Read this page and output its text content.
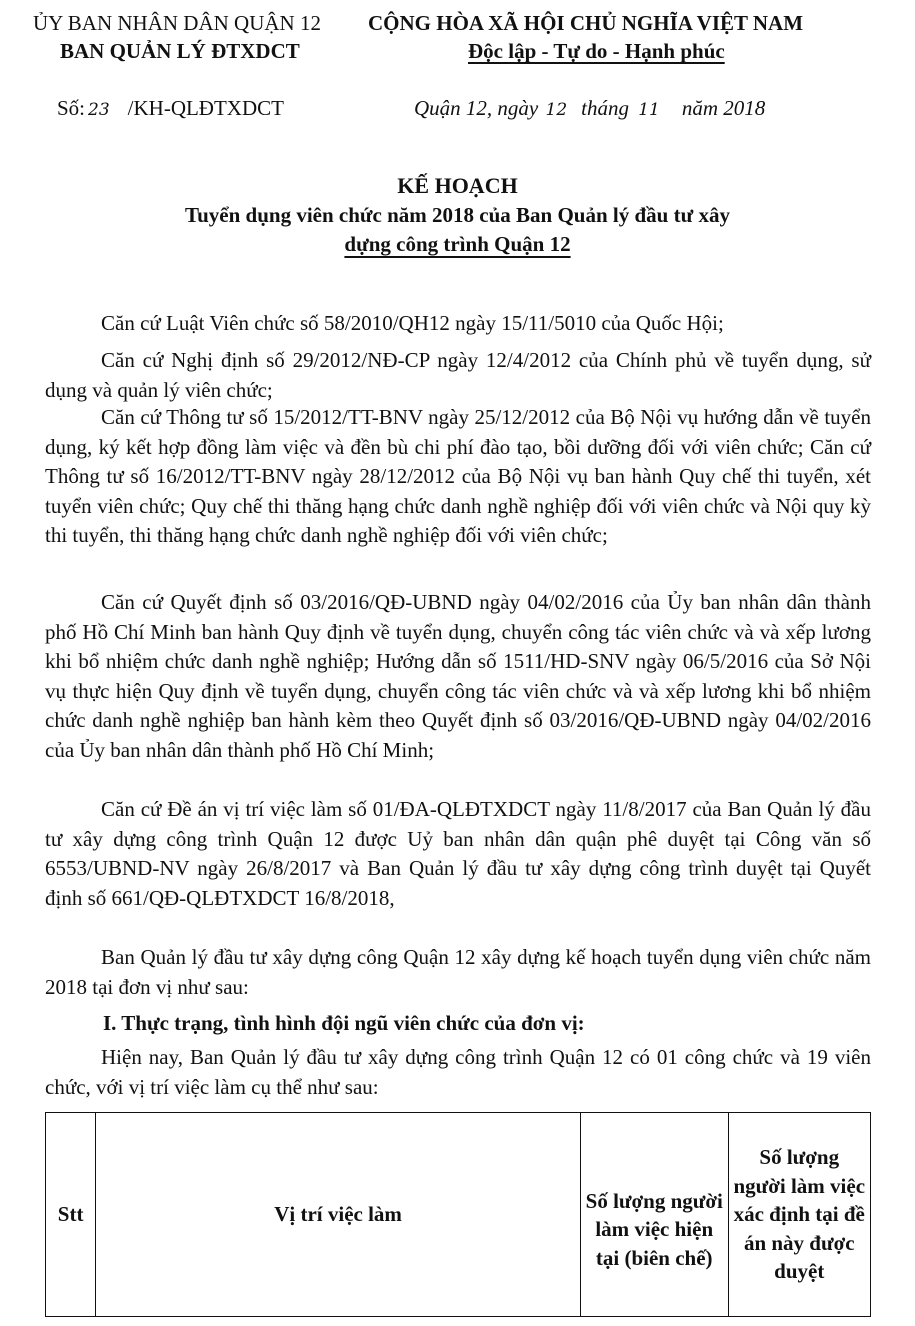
ỦY BAN NHÂN DÂN QUẬN 12
BAN QUẢN LÝ ĐTXDCT
CỘNG HÒA XÃ HỘI CHỦ NGHĨA VIỆT NAM
Độc lập - Tự do - Hạnh phúc
Số: 23 /KH-QLĐTXDCT	Quận 12, ngày 12 tháng 11 năm 2018
KẾ HOẠCH
Tuyển dụng viên chức năm 2018 của Ban Quản lý đầu tư xây
dựng công trình Quận 12

Căn cứ Luật Viên chức số 58/2010/QH12 ngày 15/11/5010 của Quốc Hội;

Căn cứ Nghị định số 29/2012/NĐ-CP ngày 12/4/2012 của Chính phủ về tuyển dụng, sử dụng và quản lý viên chức;

Căn cứ Thông tư số 15/2012/TT-BNV ngày 25/12/2012 của Bộ Nội vụ hướng dẫn về tuyển dụng, ký kết hợp đồng làm việc và đền bù chi phí đào tạo, bồi dưỡng đối với viên chức; Căn cứ Thông tư số 16/2012/TT-BNV ngày 28/12/2012 của Bộ Nội vụ ban hành Quy chế thi tuyển, xét tuyển viên chức; Quy chế thi thăng hạng chức danh nghề nghiệp đối với viên chức và Nội quy kỳ thi tuyển, thi thăng hạng chức danh nghề nghiệp đối với viên chức;

Căn cứ Quyết định số 03/2016/QĐ-UBND ngày 04/02/2016 của Ủy ban nhân dân thành phố Hồ Chí Minh ban hành Quy định về tuyển dụng, chuyển công tác viên chức và và xếp lương khi bổ nhiệm chức danh nghề nghiệp; Hướng dẫn số 1511/HD-SNV ngày 06/5/2016 của Sở Nội vụ thực hiện Quy định về tuyển dụng, chuyển công tác viên chức và và xếp lương khi bổ nhiệm chức danh nghề nghiệp ban hành kèm theo Quyết định số 03/2016/QĐ-UBND ngày 04/02/2016 của Ủy ban nhân dân thành phố Hồ Chí Minh;

Căn cứ Đề án vị trí việc làm số 01/ĐA-QLĐTXDCT ngày 11/8/2017 của Ban Quản lý đầu tư xây dựng công trình Quận 12 được Uỷ ban nhân dân quận phê duyệt tại Công văn số 6553/UBND-NV ngày 26/8/2017 và Ban Quản lý đầu tư xây dựng công trình duyệt tại Quyết định số 661/QĐ-QLĐTXDCT 16/8/2018,

Ban Quản lý đầu tư xây dựng công Quận 12 xây dựng kế hoạch tuyển dụng viên chức năm 2018 tại đơn vị như sau:

I. Thực trạng, tình hình đội ngũ viên chức của đơn vị:

Hiện nay, Ban Quản lý đầu tư xây dựng công trình Quận 12 có 01 công chức và 19 viên chức, với vị trí việc làm cụ thể như sau:

Stt	Vị trí việc làm	Số lượng người làm việc hiện tại (biên chế)	Số lượng người làm việc xác định tại đề án này được duyệt
